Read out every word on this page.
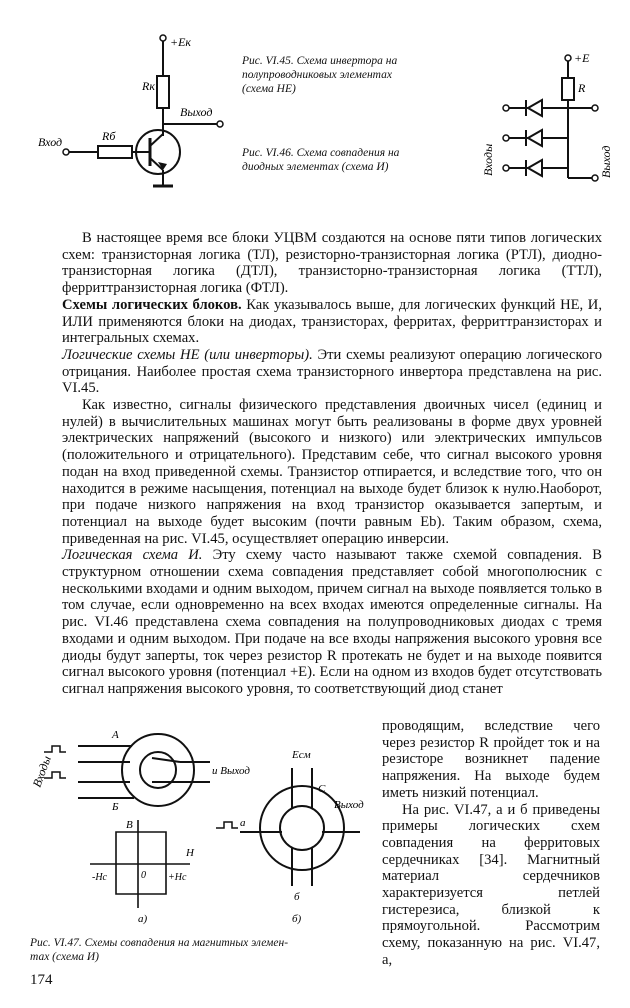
+Eк
Rк
Выход
Вход	Rб
Рис. VI.45. Схема инвертора на
полупроводниковых элементах
(схема НЕ)
Рис. VI.46. Схема совпадения на
диодных элементах (схема И)
+E
R
Входы	Выход

В настоящее время все блоки УЦВМ создаются на основе пяти типов логических схем: транзисторная логика (ТЛ), резисторно-транзисторная логика (РТЛ), диодно-транзисторная логика (ДТЛ), транзисторно-транзисторная логика (ТТЛ), ферриттранзисторная логика (ФТЛ).

Схемы логических блоков. Как указывалось выше, для логических функций НЕ, И, ИЛИ применяются блоки на диодах, транзисторах, ферритах, ферриттранзисторах и интегральных схемах.

Логические схемы НЕ (или инверторы). Эти схемы реализуют операцию логического отрицания. Наиболее простая схема транзисторного инвертора представлена на рис. VI.45.

Как известно, сигналы физического представления двоичных чисел (единиц и нулей) в вычислительных машинах могут быть реализованы в форме двух уровней электрических напряжений (высокого и низкого) или электрических импульсов (положительного и отрицательного). Представим себе, что сигнал высокого уровня подан на вход приведенной схемы. Транзистор отпирается, и вследствие того, что он находится в режиме насыщения, потенциал на выходе будет близок к нулю.Наоборот, при подаче низкого напряжения на вход транзистор оказывается запертым, и потенциал на выходе будет высоким (почти равным Eb). Таким образом, схема, приведенная на рис. VI.45, осуществляет операцию инверсии.

Логическая схема И. Эту схему часто называют также схемой совпадения. В структурном отношении схема совпадения представляет собой многополюсник с несколькими входами и одним выходом, причем сигнал на выходе появляется только в том случае, если одновременно на всех входах имеются определенные сигналы. На рис. VI.46 представлена схема совпадения на полупроводниковых диодах с тремя входами и одним выходом. При подаче на все входы напряжения высокого уровня все диоды будут заперты, ток через резистор R протекать не будет и на выходе появится сигнал высокого уровня (потенциал +E). Если на одном из входов будет отсутствовать сигнал напряжения высокого уровня, то соответствующий диод станет

проводящим, вследствие чего через резистор R пройдет ток и на резисторе возникнет падение напряжения. На выходе будем иметь низкий потенциал.

На рис. VI.47, а и б приведены примеры логических схем совпадения на ферритовых сердечниках [34]. Магнитный материал сердечников характеризуется петлей гистерезиса, близкой к прямоугольной. Рассмотрим схему, показанную на рис. VI.47, а,

Входы
A
Б
и Выход
B
H
-Hc	+Hc
0
а)
Eсм
С
Выход
а
б
б)
Рис. VI.47. Схемы совпадения на магнитных элемен-
тах (схема И)
174
